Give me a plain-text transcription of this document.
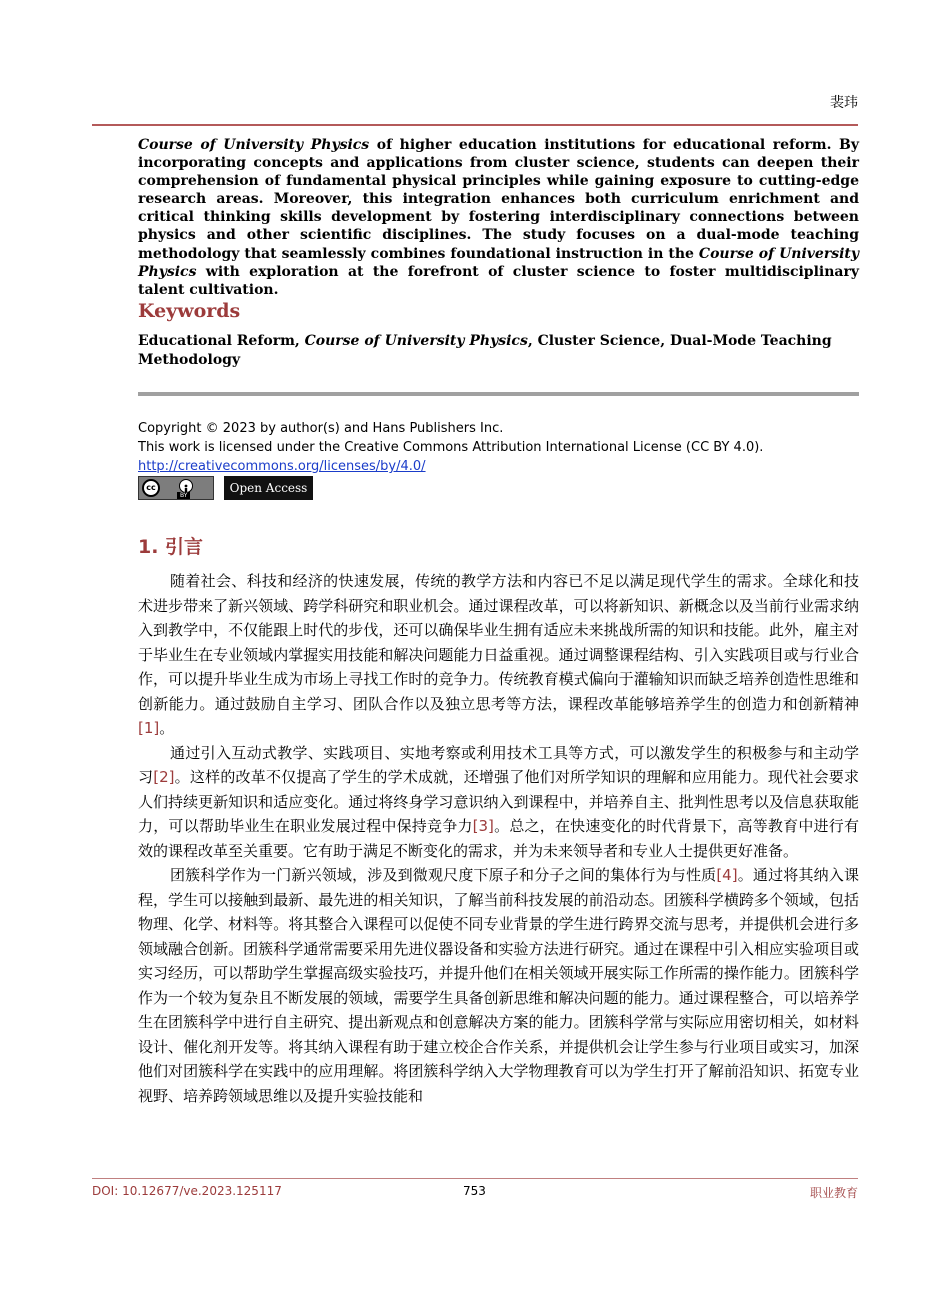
裴玮
Course of University Physics of higher education institutions for educational reform. By incorporating concepts and applications from cluster science, students can deepen their comprehension of fundamental physical principles while gaining exposure to cutting-edge research areas. Moreover, this integration enhances both curriculum enrichment and critical thinking skills development by fostering interdisciplinary connections between physics and other scientific disciplines. The study focuses on a dual-mode teaching methodology that seamlessly combines foundational instruction in the Course of University Physics with exploration at the forefront of cluster science to foster multidisciplinary talent cultivation.
Keywords
Educational Reform, Course of University Physics, Cluster Science, Dual-Mode Teaching Methodology
Copyright © 2023 by author(s) and Hans Publishers Inc.
This work is licensed under the Creative Commons Attribution International License (CC BY 4.0).
http://creativecommons.org/licenses/by/4.0/
cc
BY
Open Access
1. 引言

随着社会、科技和经济的快速发展，传统的教学方法和内容已不足以满足现代学生的需求。全球化和技术进步带来了新兴领域、跨学科研究和职业机会。通过课程改革，可以将新知识、新概念以及当前行业需求纳入到教学中，不仅能跟上时代的步伐，还可以确保毕业生拥有适应未来挑战所需的知识和技能。此外，雇主对于毕业生在专业领域内掌握实用技能和解决问题能力日益重视。通过调整课程结构、引入实践项目或与行业合作，可以提升毕业生成为市场上寻找工作时的竞争力。传统教育模式偏向于灌输知识而缺乏培养创造性思维和创新能力。通过鼓励自主学习、团队合作以及独立思考等方法，课程改革能够培养学生的创造力和创新精神[1]。

通过引入互动式教学、实践项目、实地考察或利用技术工具等方式，可以激发学生的积极参与和主动学习[2]。这样的改革不仅提高了学生的学术成就，还增强了他们对所学知识的理解和应用能力。现代社会要求人们持续更新知识和适应变化。通过将终身学习意识纳入到课程中，并培养自主、批判性思考以及信息获取能力，可以帮助毕业生在职业发展过程中保持竞争力[3]。总之，在快速变化的时代背景下，高等教育中进行有效的课程改革至关重要。它有助于满足不断变化的需求，并为未来领导者和专业人士提供更好准备。

团簇科学作为一门新兴领域，涉及到微观尺度下原子和分子之间的集体行为与性质[4]。通过将其纳入课程，学生可以接触到最新、最先进的相关知识，了解当前科技发展的前沿动态。团簇科学横跨多个领域，包括物理、化学、材料等。将其整合入课程可以促使不同专业背景的学生进行跨界交流与思考，并提供机会进行多领域融合创新。团簇科学通常需要采用先进仪器设备和实验方法进行研究。通过在课程中引入相应实验项目或实习经历，可以帮助学生掌握高级实验技巧，并提升他们在相关领域开展实际工作所需的操作能力。团簇科学作为一个较为复杂且不断发展的领域，需要学生具备创新思维和解决问题的能力。通过课程整合，可以培养学生在团簇科学中进行自主研究、提出新观点和创意解决方案的能力。团簇科学常与实际应用密切相关，如材料设计、催化剂开发等。将其纳入课程有助于建立校企合作关系，并提供机会让学生参与行业项目或实习，加深他们对团簇科学在实践中的应用理解。将团簇科学纳入大学物理教育可以为学生打开了解前沿知识、拓宽专业视野、培养跨领域思维以及提升实验技能和

DOI: 10.12677/ve.2023.125117	753	职业教育
